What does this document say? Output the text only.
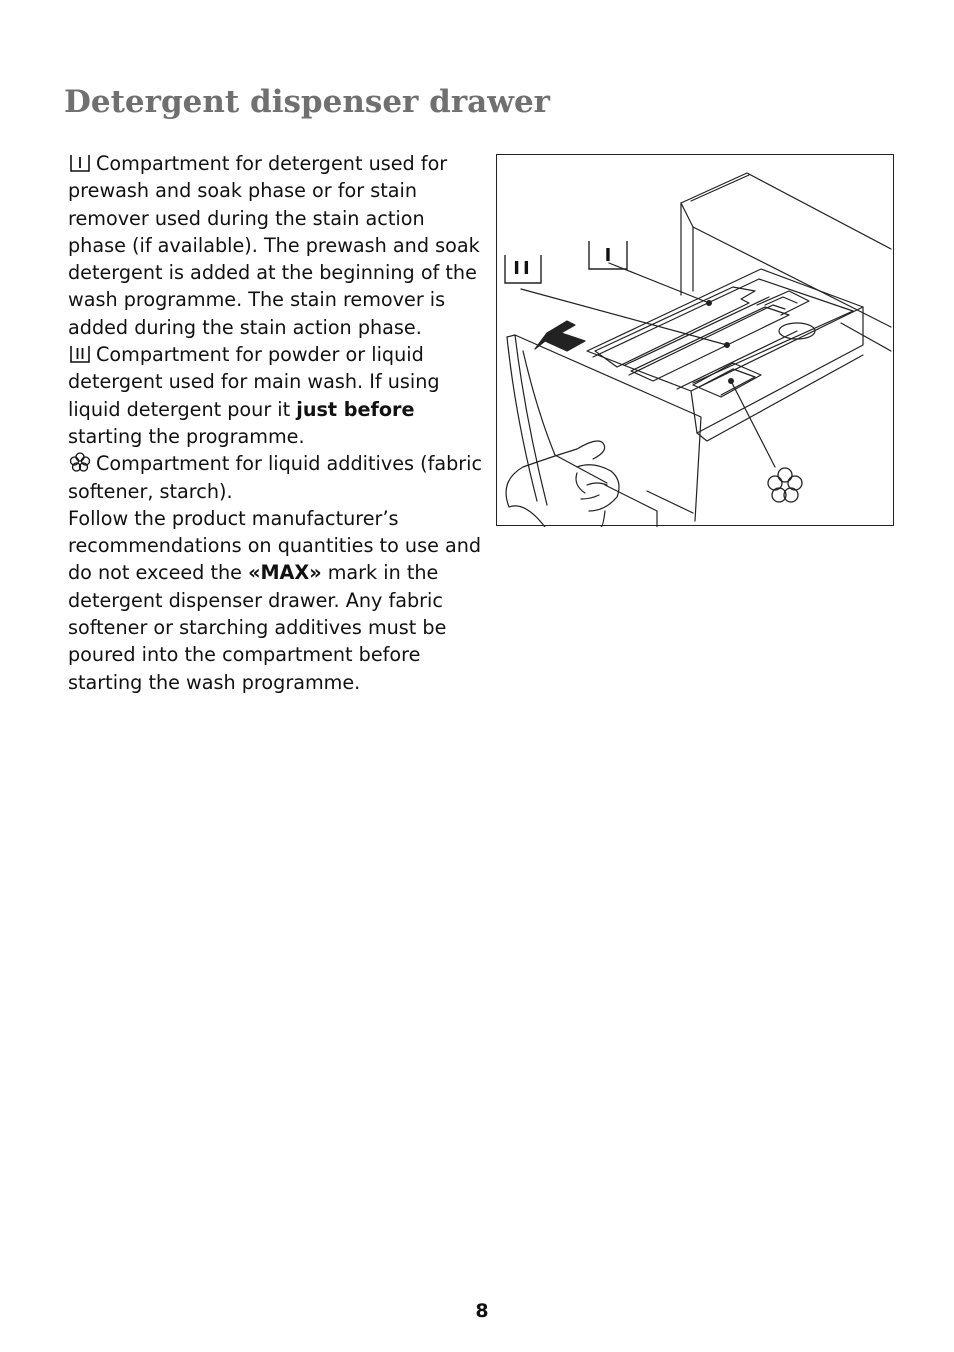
Detergent dispenser drawer

Compartment for detergent used for prewash and soak phase or for stain remover used during the stain action phase (if available). The prewash and soak detergent is added at the beginning of the wash programme. The stain remover is added during the stain action phase.

Compartment for powder or liquid detergent used for main wash. If using liquid detergent pour it just before starting the programme.

Compartment for liquid additives (fabric softener, starch).

Follow the product manufacturer’s recommendations on quantities to use and do not exceed the «MAX» mark in the detergent dispenser drawer. Any fabric softener or starching additives must be poured into the compartment before starting the wash programme.

II
I
8
